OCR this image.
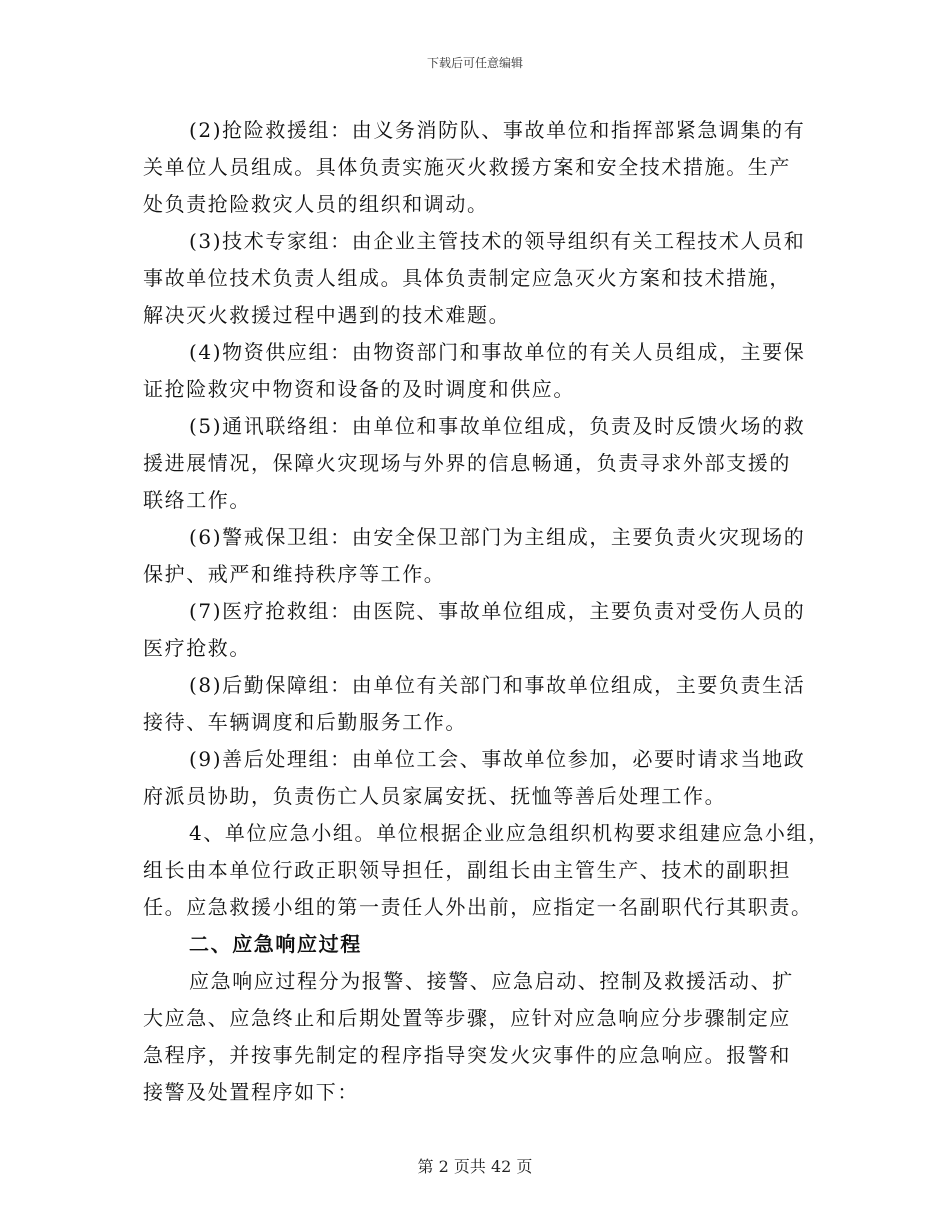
下载后可任意编辑
(2)抢险救援组：由义务消防队、事故单位和指挥部紧急调集的有
关单位人员组成。具体负责实施灭火救援方案和安全技术措施。生产
处负责抢险救灾人员的组织和调动。
(3)技术专家组：由企业主管技术的领导组织有关工程技术人员和
事故单位技术负责人组成。具体负责制定应急灭火方案和技术措施，
解决灭火救援过程中遇到的技术难题。
(4)物资供应组：由物资部门和事故单位的有关人员组成，主要保
证抢险救灾中物资和设备的及时调度和供应。
(5)通讯联络组：由单位和事故单位组成，负责及时反馈火场的救
援进展情况，保障火灾现场与外界的信息畅通，负责寻求外部支援的
联络工作。
(6)警戒保卫组：由安全保卫部门为主组成，主要负责火灾现场的
保护、戒严和维持秩序等工作。
(7)医疗抢救组：由医院、事故单位组成，主要负责对受伤人员的
医疗抢救。
(8)后勤保障组：由单位有关部门和事故单位组成，主要负责生活
接待、车辆调度和后勤服务工作。
(9)善后处理组：由单位工会、事故单位参加，必要时请求当地政
府派员协助，负责伤亡人员家属安抚、抚恤等善后处理工作。
4、单位应急小组。单位根据企业应急组织机构要求组建应急小组，
组长由本单位行政正职领导担任，副组长由主管生产、技术的副职担
任。应急救援小组的第一责任人外出前，应指定一名副职代行其职责。
二、应急响应过程
应急响应过程分为报警、接警、应急启动、控制及救援活动、扩
大应急、应急终止和后期处置等步骤，应针对应急响应分步骤制定应
急程序，并按事先制定的程序指导突发火灾事件的应急响应。报警和
接警及处置程序如下：
第 2 页共 42 页
